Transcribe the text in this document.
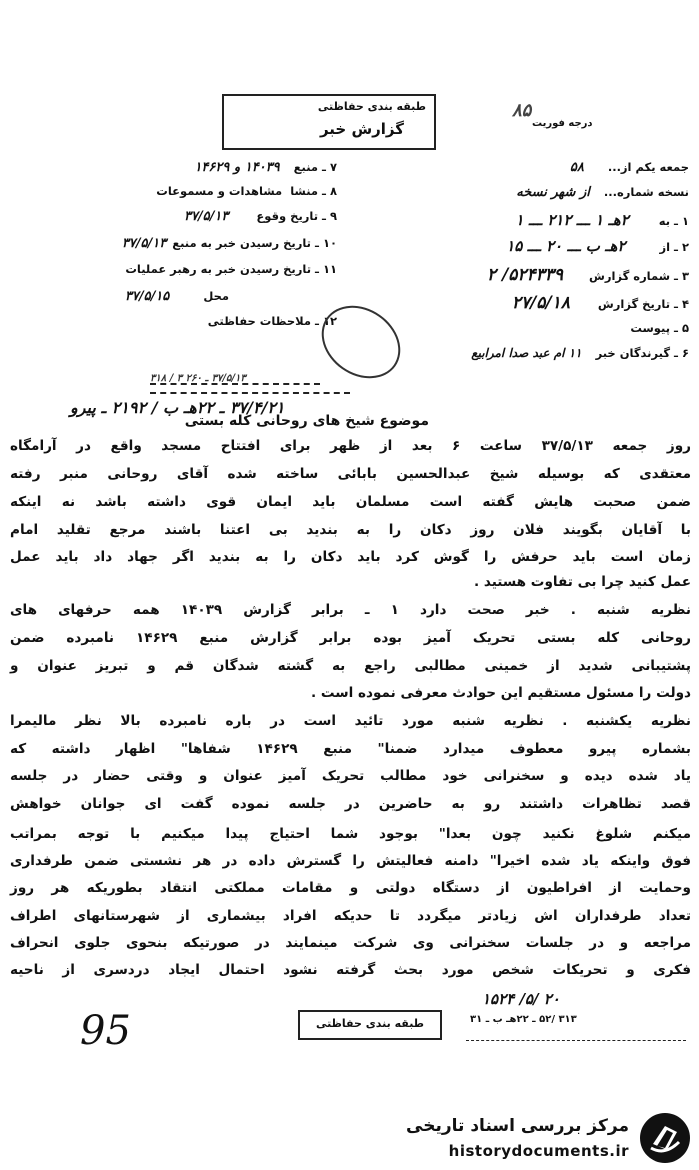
طبقه بندی حفاظتی
گزارش خبر	درجه فوریت
جمعه یکم از... ۵۸
نسخه شماره... از شهر نسخه
۱ ـ به ۲هـ ۱ ـــ ۲۱۲ ـــ ۱
۲ ـ از ۲هـ ب ـــ ۲۰ ـــ ۱۵
۳ ـ شماره گزارش ۵۲۴۳۳۹/ ۲
۴ ـ تاریخ گزارش ۲۷/۵/۱۸
۵ ـ پیوست
۶ ـ گیرندگان خبر ۱۱ ام عبد صدا امرابیع
۷ ـ منبع ۱۴۰۳۹ و ۱۴۶۲۹
۸ ـ منشا مشاهدات و مسموعات
۹ ـ تاریخ وقوع ۳۷/۵/۱۳
۱۰ ـ تاریخ رسیدن خبر به منبع ۳۷/۵/۱۳
۱۱ ـ تاریخ رسیدن خبر به رهبر عملیات
محل ۳۷/۵/۱۵
۱۲ ـ ملاحظات حفاظتی
۳۷/۵/۱۳ ـ ۲۶۰ ۳ / ۳۱۸
۳۷/۴/۲۱ ـ ۲۲هـ ب / ۲۱۹۲ ـ پیرو
موضوع شیخ های روحانی کله بستی
روز جمعه ۳۷/۵/۱۳ ساعت ۶ بعد از ظهر برای افتتاح مسجد واقع در آرامگاه
معتقدی که بوسیله شیخ عبدالحسین بابائی ساخته شده آقای روحانی منبر رفته
ضمن صحبت هایش گفته است مسلمان باید ایمان قوی داشته باشد نه اینکه
با آقایان بگویند فلان روز دکان را به بندید بی اعتنا باشند مرجع تقلید امام
زمان است باید حرفش را گوش کرد باید دکان را به بندید اگر جهاد داد باید عمل
عمل کنید چرا بی تفاوت هستید .
نظریه شنبه . خبر صحت دارد ۱ ـ برابر گزارش ۱۴۰۳۹ همه حرفهای های
روحانی کله بستی تحریک آمیز بوده برابر گزارش منبع ۱۴۶۲۹ نامبرده ضمن
پشتیبانی شدید از خمینی مطالبی راجع به گشته شدگان قم و تبریز عنوان و
دولت را مسئول مستقیم این حوادث معرفی نموده است .
نظریه یکشنبه . نظریه شنبه مورد تائید است در باره نامبرده بالا نظر مالیمرا
بشماره پیرو معطوف میدارد ضمنا" منبع ۱۴۶۲۹ شفاها" اظهار داشته که
یاد شده دیده و سخنرانی خود مطالب تحریک آمیز عنوان و وقتی حضار در جلسه
قصد تظاهرات داشتند رو به حاضرین در جلسه نموده گفت ای جوانان خواهش
میکنم شلوغ نکنید چون بعدا" بوجود شما احتیاج پیدا میکنیم با توجه بمراتب
فوق واینکه یاد شده اخیرا" دامنه فعالیتش را گسترش داده در هر نشستی ضمن طرفداری
وحمایت از افراطیون از دستگاه دولتی و مقامات مملکتی انتقاد بطوریکه هر روز
تعداد طرفداران اش زیادتر میگردد تا حدیکه افراد بیشماری از شهرستانهای اطراف
مراجعه و در جلسات سخنرانی وی شرکت مینمایند در صورتیکه بنحوی جلوی انحراف
فکری و تحریکات شخص مورد بحث گرفته نشود احتمال ایجاد دردسری از ناحیه
۸۵
95	طبقه بندی حفاظتی
۱۵۲۴ /۵/ ۲۰
۳۱۳ /۵۲ ـ ۲۲هـ ب ـ ۳۱
مرکز بررسی اسناد تاریخی
historydocuments.ir
